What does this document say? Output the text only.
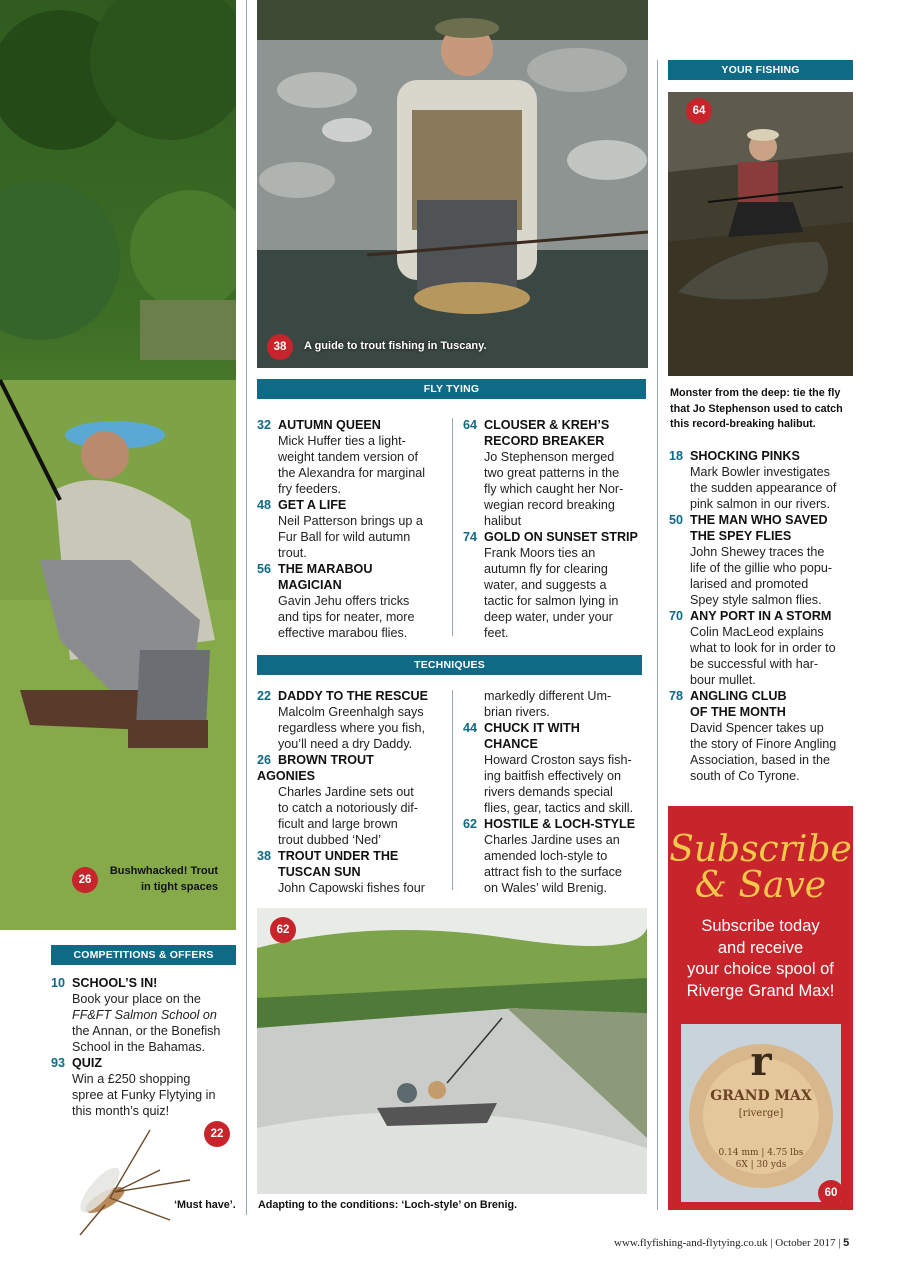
26
Bushwhacked! Trout
in tight spaces
38	A guide to trout fishing in Tuscany.
FLY TYING
32 AUTUMN QUEEN
Mick Huffer ties a light-
weight tandem version of
the Alexandra for marginal
fry feeders.
48 GET A LIFE
Neil Patterson brings up a
Fur Ball for wild autumn
trout.
56 THE MARABOU
MAGICIAN
Gavin Jehu offers tricks
and tips for neater, more
effective marabou flies.
64 CLOUSER & KREH’S
RECORD BREAKER
Jo Stephenson merged
two great patterns in the
fly which caught her Nor-
wegian record breaking
halibut
74 GOLD ON SUNSET STRIP
Frank Moors ties an
autumn fly for clearing
water, and suggests a
tactic for salmon lying in
deep water, under your
feet.
TECHNIQUES
22 DADDY TO THE RESCUE
Malcolm Greenhalgh says
regardless where you fish,
you’ll need a dry Daddy.
26 BROWN TROUT
AGONIES
Charles Jardine sets out
to catch a notoriously dif-
ficult and large brown
trout dubbed ‘Ned’
38 TROUT UNDER THE
TUSCAN SUN
John Capowski fishes four
markedly different Um-
brian rivers.
44 CHUCK IT WITH
CHANCE
Howard Croston says fish-
ing baitfish effectively on
rivers demands special
flies, gear, tactics and skill.
62 HOSTILE & LOCH-STYLE
Charles Jardine uses an
amended loch-style to
attract fish to the surface
on Wales’ wild Brenig.
62
Adapting to the conditions: ‘Loch-style’ on Brenig.
YOUR FISHING
64
Monster from the deep: tie the fly
that Jo Stephenson used to catch
this record-breaking halibut.
18 SHOCKING PINKS
Mark Bowler investigates
the sudden appearance of
pink salmon in our rivers.
50 THE MAN WHO SAVED
THE SPEY FLIES
John Shewey traces the
life of the gillie who popu-
larised and promoted
Spey style salmon flies.
70 ANY PORT IN A STORM
Colin MacLeod explains
what to look for in order to
be successful with har-
bour mullet.
78 ANGLING CLUB
OF THE MONTH
David Spencer takes up
the story of Finore Angling
Association, based in the
south of Co Tyrone.
Subscribe
& Save
Subscribe today
and receive
your choice spool of
Riverge Grand Max!
r
GRAND MAX
[riverge]
0.14 mm | 4.75 lbs
6X | 30 yds
60
COMPETITIONS & OFFERS
10 SCHOOL’S IN!
Book your place on the
FF&FT Salmon School on
the Annan, or the Bonefish
School in the Bahamas.
93 QUIZ
Win a £250 shopping
spree at Funky Flytying in
this month’s quiz!
22
‘Must have’.
www.flyfishing-and-flytying.co.uk | October 2017 | 5
